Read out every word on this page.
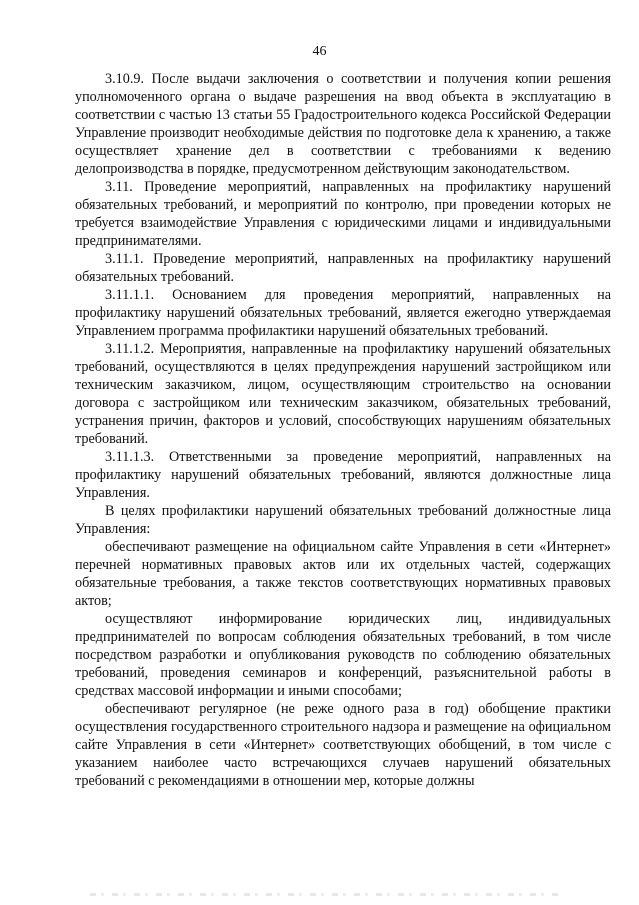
46

3.10.9. После выдачи заключения о соответствии и получения копии решения уполномоченного органа о выдаче разрешения на ввод объекта в эксплуатацию в соответствии с частью 13 статьи 55 Градостроительного кодекса Российской Федерации Управление производит необходимые действия по подготовке дела к хранению, а также осуществляет хранение дел в соответствии с требованиями к ведению делопроизводства в порядке, предусмотренном действующим законодательством.

3.11. Проведение мероприятий, направленных на профилактику нарушений обязательных требований, и мероприятий по контролю, при проведении которых не требуется взаимодействие Управления с юридическими лицами и индивидуальными предпринимателями.

3.11.1. Проведение мероприятий, направленных на профилактику нарушений обязательных требований.

3.11.1.1. Основанием для проведения мероприятий, направленных на профилактику нарушений обязательных требований, является ежегодно утверждаемая Управлением программа профилактики нарушений обязательных требований.

3.11.1.2. Мероприятия, направленные на профилактику нарушений обязательных требований, осуществляются в целях предупреждения нарушений застройщиком или техническим заказчиком, лицом, осуществляющим строительство на основании договора с застройщиком или техническим заказчиком, обязательных требований, устранения причин, факторов и условий, способствующих нарушениям обязательных требований.

3.11.1.3. Ответственными за проведение мероприятий, направленных на профилактику нарушений обязательных требований, являются должностные лица Управления.

В целях профилактики нарушений обязательных требований должностные лица Управления:

обеспечивают размещение на официальном сайте Управления в сети «Интернет» перечней нормативных правовых актов или их отдельных частей, содержащих обязательные требования, а также текстов соответствующих нормативных правовых актов;

осуществляют информирование юридических лиц, индивидуальных предпринимателей по вопросам соблюдения обязательных требований, в том числе посредством разработки и опубликования руководств по соблюдению обязательных требований, проведения семинаров и конференций, разъяснительной работы в средствах массовой информации и иными способами;

обеспечивают регулярное (не реже одного раза в год) обобщение практики осуществления государственного строительного надзора и размещение на официальном сайте Управления в сети «Интернет» соответствующих обобщений, в том числе с указанием наиболее часто встречающихся случаев нарушений обязательных требований с рекомендациями в отношении мер, которые должны
